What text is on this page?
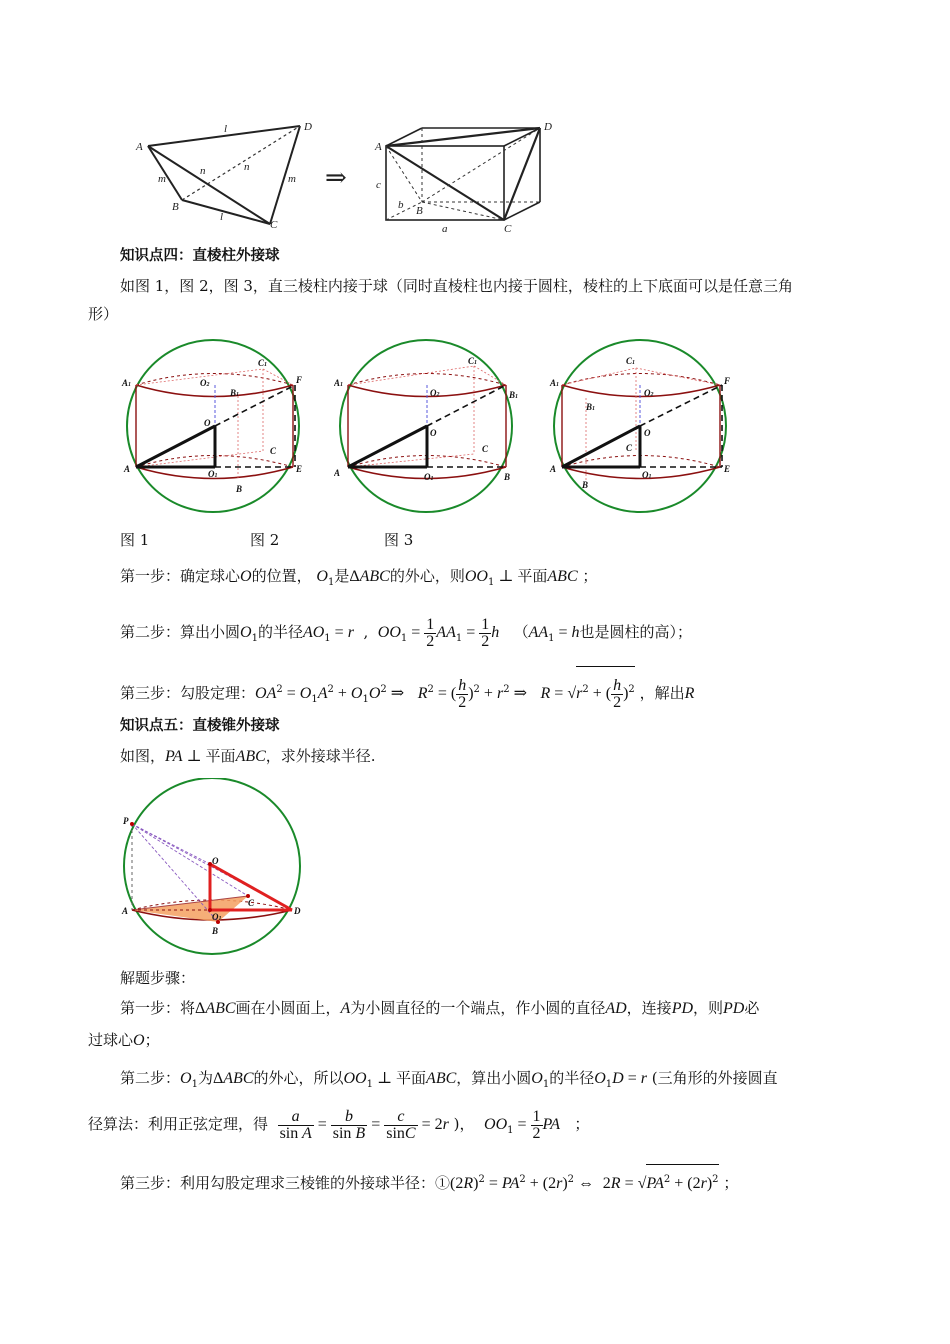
A
D
B
C
l
n	n
m	m
l
⇒
A
D
B
C
b
c
a
知识点四：直棱柱外接球
如图 1，图 2，图 3，直三棱柱内接于球（同时直棱柱也内接于圆柱，棱柱的上下底面可以是任意三角
形）
A1	O2
C1
B1
F
O
C
A	O1
E
B
A1
O2
C1
B1
O
C
A	O1	B
A1
C1
O2
B1
F
O
C
A
O1
E
B
图 1	图 2	图 3
第一步：确定球心O的位置， $O_1$是ΔABC的外心，则$OO_1$ ⊥ 平面ABC ；
第二步：算出小圆$O_1$的半径$AO_1 = r$  ,  $OO_1 = \frac{1}{2} AA_1 = \frac{1}{2}$ h （$AA_1 = h$也是圆柱的高）；
第三步：勾股定理：$OA^2 = O_1A^2 + O_1O^2$ ⇒   $R^2$ = ( $\frac{h}{2} )^2 + r^2$ ⇒   $R = √r^2$ + ( $\frac{h}{2} )^2$ ，解出R
知识点五：直棱锥外接球
如图，PA ⊥ 平面ABC，求外接球半径.
P
O
C
A	D
B
O1
解题步骤：
第一步：将ΔABC画在小圆面上，A为小圆直径的一个端点，作小圆的直径AD，连接PD，则PD必
过球心O；
第二步：$O_1$为ΔABC的外心，所以$OO_1$ ⊥ 平面ABC，算出小圆$O_1$的半径$O_1D = r$ (三角形的外接圆直
径算法：利用正弦定理，得 $\frac{a}{\text{sin A}} = \frac{b}{\text{sin B}} = \frac{c}{\sin C} = 2r$ )， $OO_1 = \frac{1}{2}$ PA ；
第三步：利用勾股定理求三棱锥的外接球半径：$①(2R)^2 = PA^2 + (2r)^2$ ⇔  $2R = √PA^2 + (2r)^2$ ；
